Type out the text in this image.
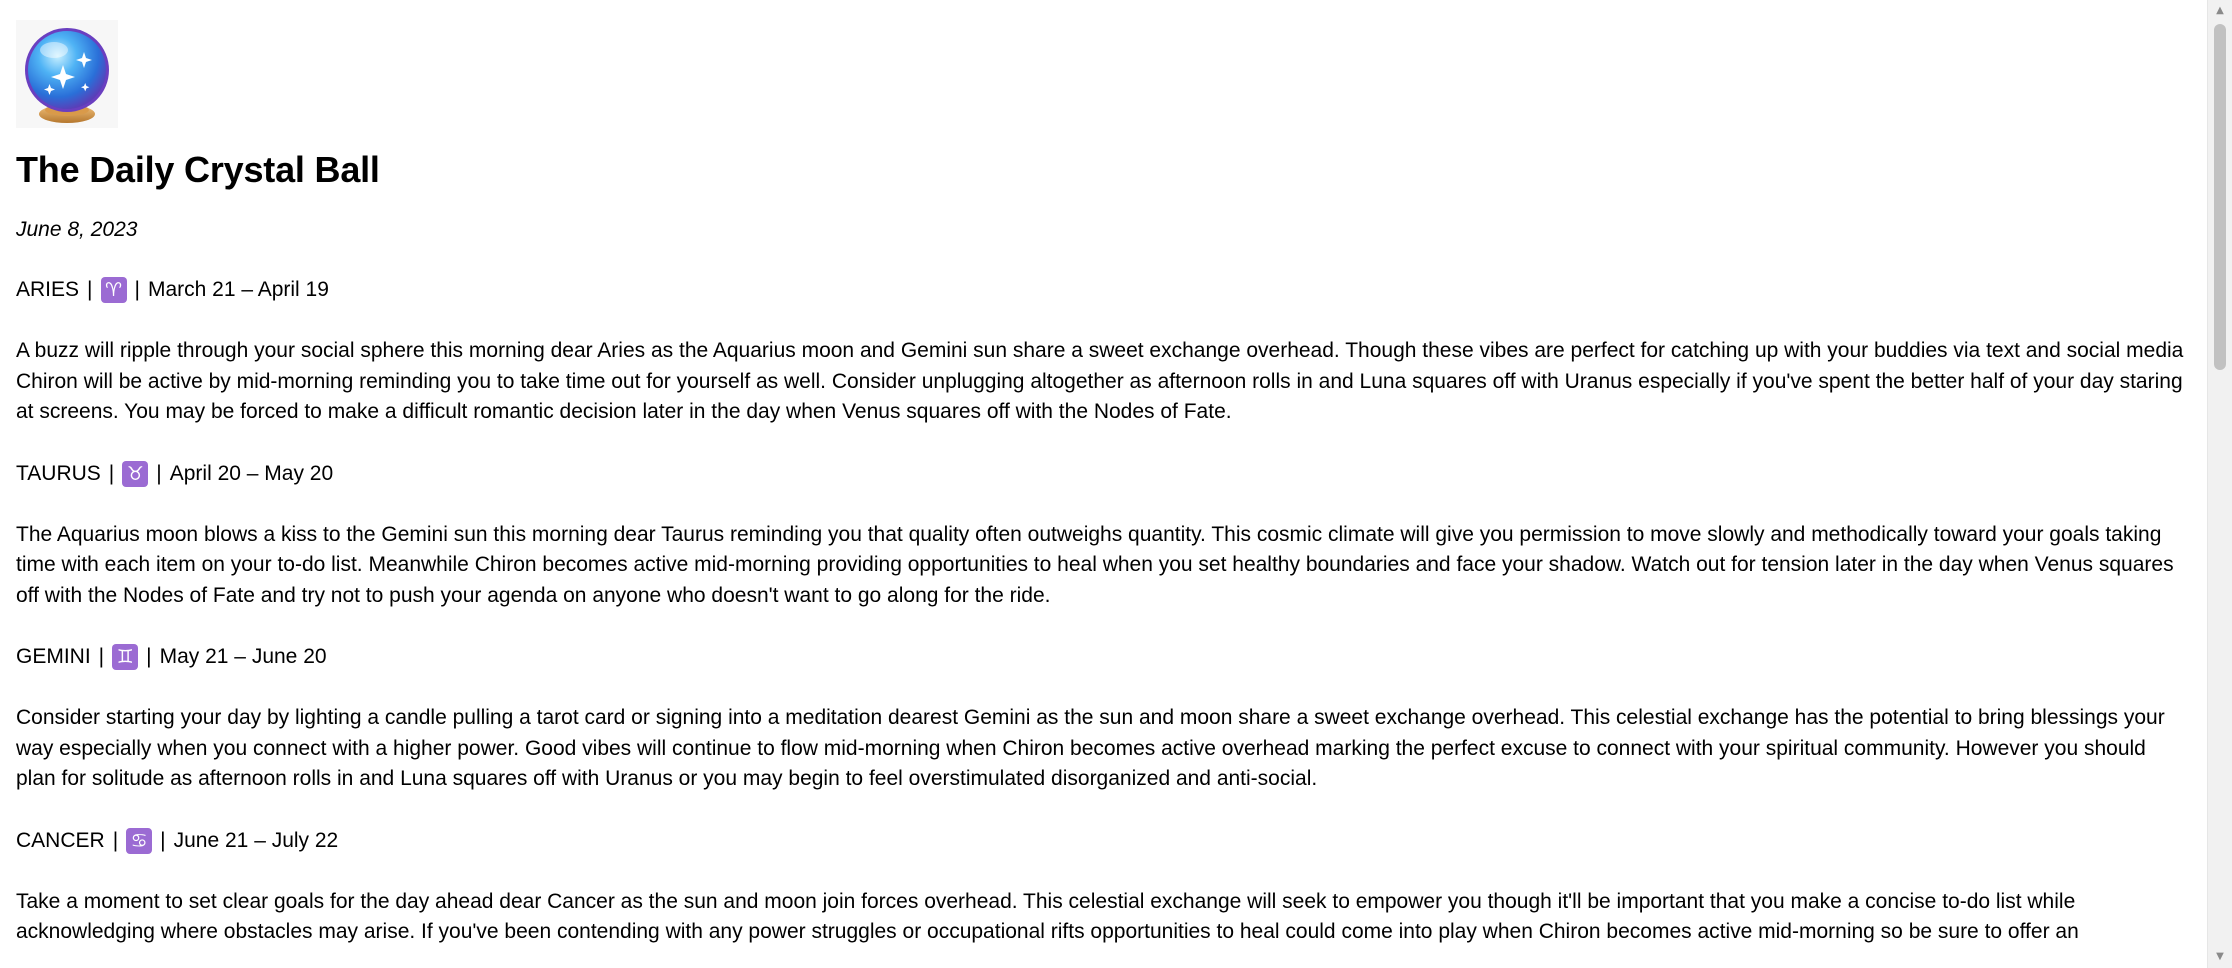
The Daily Crystal Ball

June 8, 2023

ARIES | ♈ | March 21 – April 19

A buzz will ripple through your social sphere this morning dear Aries as the Aquarius moon and Gemini sun share a sweet exchange overhead. Though these vibes are perfect for catching up with your buddies via text and social media Chiron will be active by mid-morning reminding you to take time out for yourself as well. Consider unplugging altogether as afternoon rolls in and Luna squares off with Uranus especially if you've spent the better half of your day staring at screens. You may be forced to make a difficult romantic decision later in the day when Venus squares off with the Nodes of Fate.

TAURUS | ♉ | April 20 – May 20

The Aquarius moon blows a kiss to the Gemini sun this morning dear Taurus reminding you that quality often outweighs quantity. This cosmic climate will give you permission to move slowly and methodically toward your goals taking time with each item on your to-do list. Meanwhile Chiron becomes active mid-morning providing opportunities to heal when you set healthy boundaries and face your shadow. Watch out for tension later in the day when Venus squares off with the Nodes of Fate and try not to push your agenda on anyone who doesn't want to go along for the ride.

GEMINI | ♊ | May 21 – June 20

Consider starting your day by lighting a candle pulling a tarot card or signing into a meditation dearest Gemini as the sun and moon share a sweet exchange overhead. This celestial exchange has the potential to bring blessings your way especially when you connect with a higher power. Good vibes will continue to flow mid-morning when Chiron becomes active overhead marking the perfect excuse to connect with your spiritual community. However you should plan for solitude as afternoon rolls in and Luna squares off with Uranus or you may begin to feel overstimulated disorganized and anti-social.

CANCER | ♋ | June 21 – July 22

Take a moment to set clear goals for the day ahead dear Cancer as the sun and moon join forces overhead. This celestial exchange will seek to empower you though it'll be important that you make a concise to-do list while acknowledging where obstacles may arise. If you've been contending with any power struggles or occupational rifts opportunities to heal could come into play when Chiron becomes active mid-morning so be sure to offer an

▲
▼
